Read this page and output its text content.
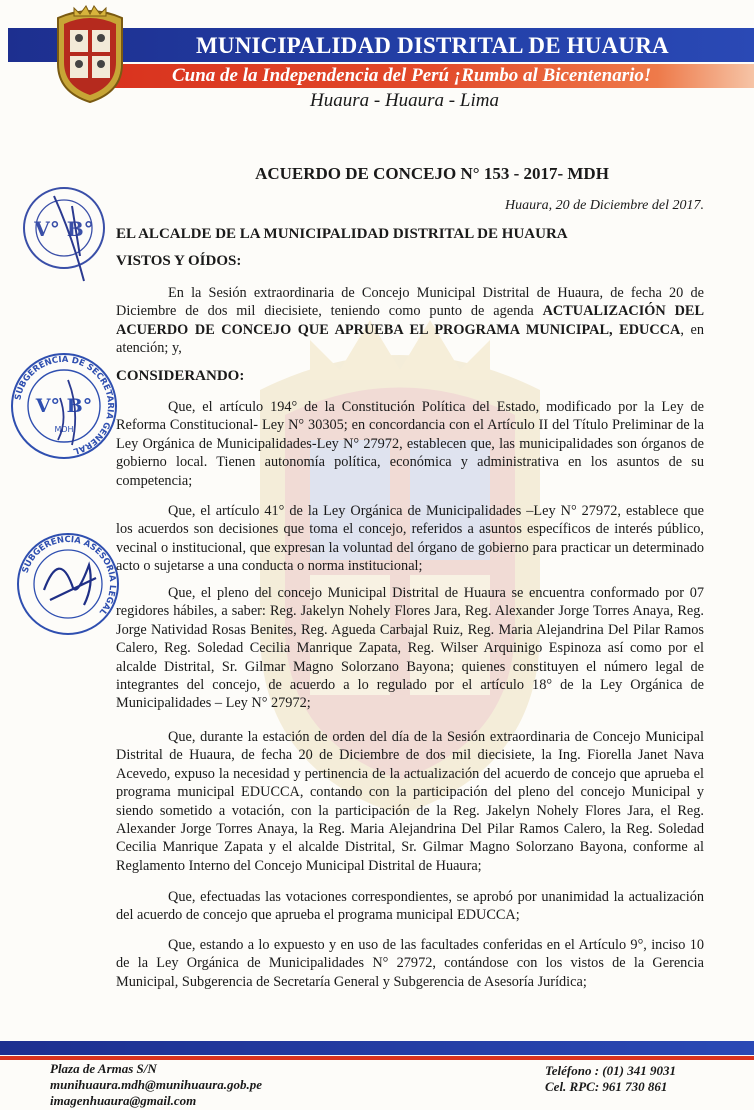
MUNICIPALIDAD DISTRITAL DE HUAURA
Cuna de la Independencia del Perú ¡Rumbo al Bicentenario!
Huaura - Huaura - Lima
V° B°
SUBGERENCIA DE SECRETARIA GENERAL
V° B°
MDH
SUBGERENCIA ASESORIA LEGAL
ACUERDO DE CONCEJO N° 153 - 2017- MDH
Huaura, 20 de Diciembre del 2017.
EL ALCALDE DE LA MUNICIPALIDAD DISTRITAL DE HUAURA
VISTOS Y OÍDOS:
En la Sesión extraordinaria de Concejo Municipal Distrital de Huaura, de fecha 20 de Diciembre de dos mil diecisiete, teniendo como punto de agenda ACTUALIZACIÓN DEL ACUERDO DE CONCEJO QUE APRUEBA EL PROGRAMA MUNICIPAL, EDUCCA, en atención; y,
CONSIDERANDO:
Que, el artículo 194° de la Constitución Política del Estado, modificado por la Ley de Reforma Constitucional- Ley N° 30305; en concordancia con el Artículo II del Título Preliminar de la Ley Orgánica de Municipalidades-Ley N° 27972, establecen que, las municipalidades son órganos de gobierno local. Tienen autonomía política, económica y administrativa en los asuntos de su competencia;
Que, el artículo 41° de la Ley Orgánica de Municipalidades –Ley N° 27972, establece que los acuerdos son decisiones que toma el concejo, referidos a asuntos específicos de interés público, vecinal o institucional, que expresan la voluntad del órgano de gobierno para practicar un determinado acto o sujetarse a una conducta o norma institucional;
Que, el pleno del concejo Municipal Distrital de Huaura se encuentra conformado por 07 regidores hábiles, a saber: Reg. Jakelyn Nohely Flores Jara, Reg. Alexander Jorge Torres Anaya, Reg. Jorge Natividad Rosas Benites, Reg. Agueda Carbajal Ruiz, Reg. Maria Alejandrina Del Pilar Ramos Calero, Reg. Soledad Cecilia Manrique Zapata, Reg. Wilser Arquinigo Espinoza así como por el alcalde Distrital, Sr. Gilmar Magno Solorzano Bayona; quienes constituyen el número legal de integrantes del concejo, de acuerdo a lo regulado por el artículo 18° de la Ley Orgánica de Municipalidades – Ley N° 27972;
Que, durante la estación de orden del día de la Sesión extraordinaria de Concejo Municipal Distrital de Huaura, de fecha 20 de Diciembre de dos mil diecisiete, la Ing. Fiorella Janet Nava Acevedo, expuso la necesidad y pertinencia de la actualización del acuerdo de concejo que aprueba el programa municipal EDUCCA, contando con la participación del pleno del concejo Municipal y siendo sometido a votación, con la participación de la Reg. Jakelyn Nohely Flores Jara, el Reg. Alexander Jorge Torres Anaya, la Reg. Maria Alejandrina Del Pilar Ramos Calero, la Reg. Soledad Cecilia Manrique Zapata y el alcalde Distrital, Sr. Gilmar Magno Solorzano Bayona, conforme al Reglamento Interno del Concejo Municipal Distrital de Huaura;
Que, efectuadas las votaciones correspondientes, se aprobó por unanimidad la actualización del acuerdo de concejo que aprueba el programa municipal EDUCCA;
Que, estando a lo expuesto y en uso de las facultades conferidas en el Artículo 9°, inciso 10 de la Ley Orgánica de Municipalidades N° 27972, contándose con los vistos de la Gerencia Municipal, Subgerencia de Secretaría General y Subgerencia de Asesoría Jurídica;
Plaza de Armas S/N
munihuaura.mdh@munihuaura.gob.pe
imagenhuaura@gmail.com
Teléfono : (01) 341 9031
Cel. RPC: 961 730 861
